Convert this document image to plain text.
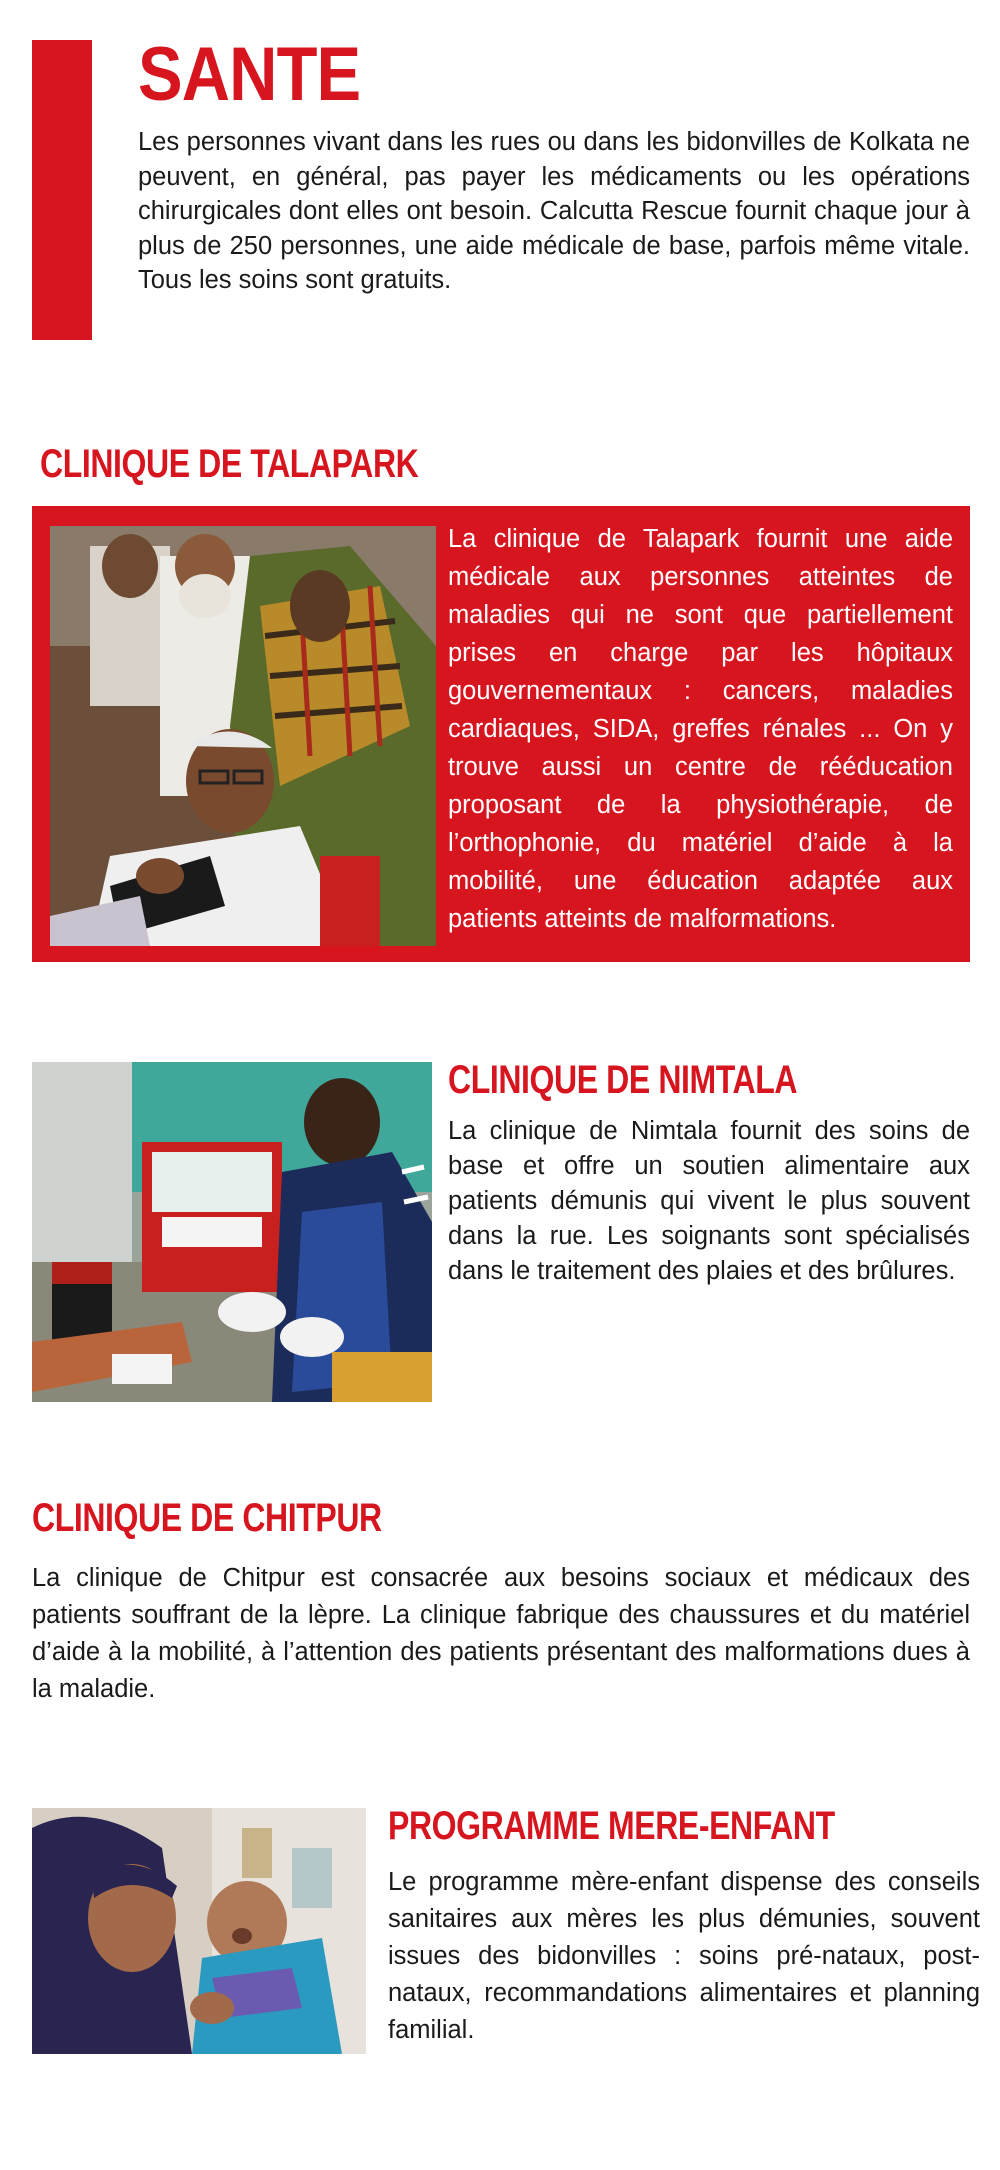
SANTE

Les personnes vivant dans les rues ou dans les bidonvilles de Kolkata ne peuvent, en général, pas payer les médicaments ou les opérations chirurgicales dont elles ont besoin. Calcutta Rescue fournit chaque jour à plus de 250 personnes, une aide médicale de base, parfois même vitale. Tous les soins sont gratuits.

CLINIQUE DE TALAPARK

La clinique de Talapark fournit une aide médicale aux personnes atteintes de maladies qui ne sont que partiellement prises en charge par les hôpitaux gouvernementaux : cancers, maladies cardiaques, SIDA, greffes rénales ... On y trouve aussi un centre de rééducation proposant de la physiothérapie, de l’orthophonie, du matériel d’aide à la mobilité, une éducation adaptée aux patients atteints de malformations.

CLINIQUE DE NIMTALA

La clinique de Nimtala fournit des soins de base et offre un soutien alimentaire aux patients démunis qui vivent le plus souvent dans la rue. Les soignants sont spécialisés dans le traitement des plaies et des brûlures.

CLINIQUE DE CHITPUR

La clinique de Chitpur est consacrée aux besoins sociaux et médicaux des patients souffrant de la lèpre. La clinique fabrique des chaussures et du matériel d’aide à la mobilité, à l’attention des patients présentant des malformations dues à la maladie.

PROGRAMME MERE-ENFANT

Le programme mère-enfant dispense des conseils sanitaires aux mères les plus démunies, souvent issues des bidonvilles : soins pré-nataux, post-nataux, recommandations alimentaires et planning familial.
